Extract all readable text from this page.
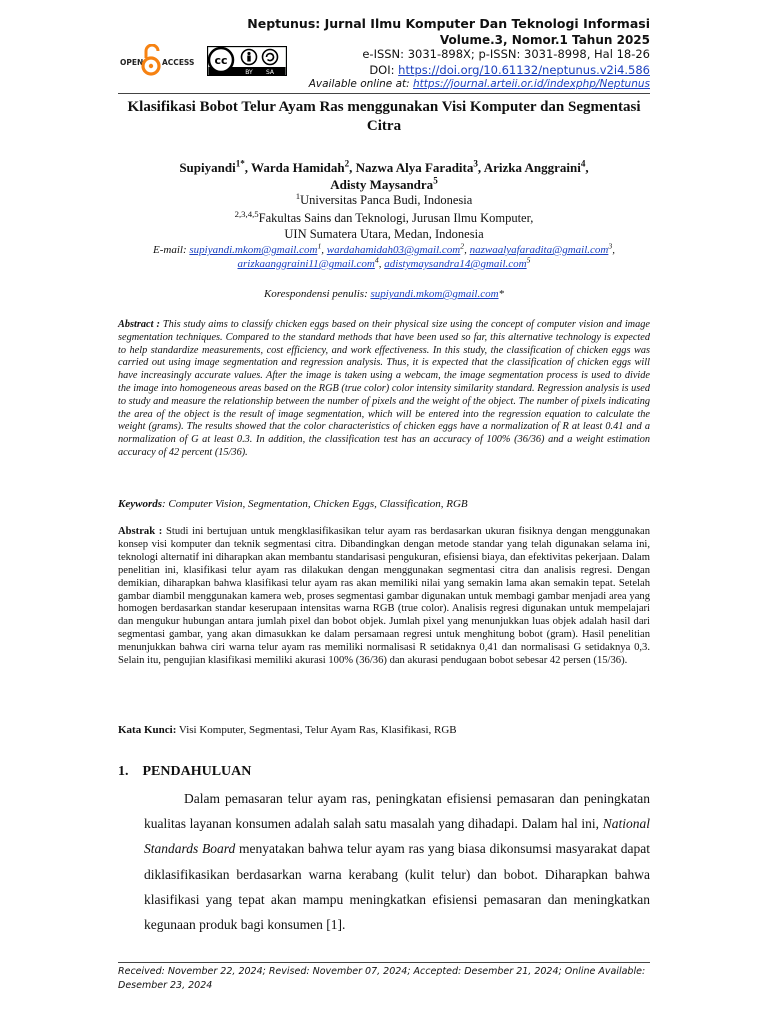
OPEN ACCESS cc
BY SA
Neptunus: Jurnal Ilmu Komputer Dan Teknologi Informasi
Volume.3, Nomor.1 Tahun 2025
e-ISSN: 3031-898X; p-ISSN: 3031-8998, Hal 18-26
DOI: https://doi.org/10.61132/neptunus.v2i4.586
Available online at: https://journal.arteii.or.id/indexphp/Neptunus
Klasifikasi Bobot Telur Ayam Ras menggunakan Visi Komputer dan Segmentasi Citra
Supiyandi$^{1*}$, Warda Hamidah$^2$, Nazwa Alya Faradita$^3$, Arizka Anggraini$^4$,
Adisty Maysandra$^5$
$^1$Universitas Panca Budi, Indonesia
$^{2,3,4,5}$Fakultas Sains dan Teknologi, Jurusan Ilmu Komputer,
UIN Sumatera Utara, Medan, Indonesia
E-mail: supiyandi.mkom@gmail.com$^1$, wardahamidah03@gmail.com$^2$, nazwaalyafaradita@gmail.com$^3$,
arizkaanggraini11@gmail.com$^4$, adistymaysandra14@gmail.com$^5$
Korespondensi penulis: supiyandi.mkom@gmail.com*
Abstract : This study aims to classify chicken eggs based on their physical size using the concept of computer vision and image segmentation techniques. Compared to the standard methods that have been used so far, this alternative technology is expected to help standardize measurements, cost efficiency, and work effectiveness. In this study, the classification of chicken eggs was carried out using image segmentation and regression analysis. Thus, it is expected that the classification of chicken eggs will have increasingly accurate values. After the image is taken using a webcam, the image segmentation process is used to divide the image into homogeneous areas based on the RGB (true color) color intensity similarity standard. Regression analysis is used to study and measure the relationship between the number of pixels and the weight of the object. The number of pixels indicating the area of the object is the result of image segmentation, which will be entered into the regression equation to calculate the weight (grams). The results showed that the color characteristics of chicken eggs have a normalization of R at least 0.41 and a normalization of G at least 0.3. In addition, the classification test has an accuracy of 100% (36/36) and a weight estimation accuracy of 42 percent (15/36).
Keywords: Computer Vision, Segmentation, Chicken Eggs, Classification, RGB
Abstrak : Studi ini bertujuan untuk mengklasifikasikan telur ayam ras berdasarkan ukuran fisiknya dengan menggunakan konsep visi komputer dan teknik segmentasi citra. Dibandingkan dengan metode standar yang telah digunakan selama ini, teknologi alternatif ini diharapkan akan membantu standarisasi pengukuran, efisiensi biaya, dan efektivitas pekerjaan. Dalam penelitian ini, klasifikasi telur ayam ras dilakukan dengan menggunakan segmentasi citra dan analisis regresi. Dengan demikian, diharapkan bahwa klasifikasi telur ayam ras akan memiliki nilai yang semakin lama akan semakin tepat. Setelah gambar diambil menggunakan kamera web, proses segmentasi gambar digunakan untuk membagi gambar menjadi area yang homogen berdasarkan standar keserupaan intensitas warna RGB (true color). Analisis regresi digunakan untuk mempelajari dan mengukur hubungan antara jumlah pixel dan bobot objek. Jumlah pixel yang menunjukkan luas objek adalah hasil dari segmentasi gambar, yang akan dimasukkan ke dalam persamaan regresi untuk menghitung bobot (gram). Hasil penelitian menunjukkan bahwa ciri warna telur ayam ras memiliki normalisasi R setidaknya 0,41 dan normalisasi G setidaknya 0,3. Selain itu, pengujian klasifikasi memiliki akurasi 100% (36/36) dan akurasi pendugaan bobot sebesar 42 persen (15/36).
Kata Kunci: Visi Komputer, Segmentasi, Telur Ayam Ras, Klasifikasi, RGB
1. PENDAHULUAN
Dalam pemasaran telur ayam ras, peningkatan efisiensi pemasaran dan peningkatan kualitas layanan konsumen adalah salah satu masalah yang dihadapi. Dalam hal ini, National Standards Board menyatakan bahwa telur ayam ras yang biasa dikonsumsi masyarakat dapat diklasifikasikan berdasarkan warna kerabang (kulit telur) dan bobot. Diharapkan bahwa klasifikasi yang tepat akan mampu meningkatkan efisiensi pemasaran dan meningkatkan kegunaan produk bagi konsumen [1].
Received: November 22, 2024; Revised: November 07, 2024; Accepted: Desember 21, 2024; Online Available: Desember 23, 2024
